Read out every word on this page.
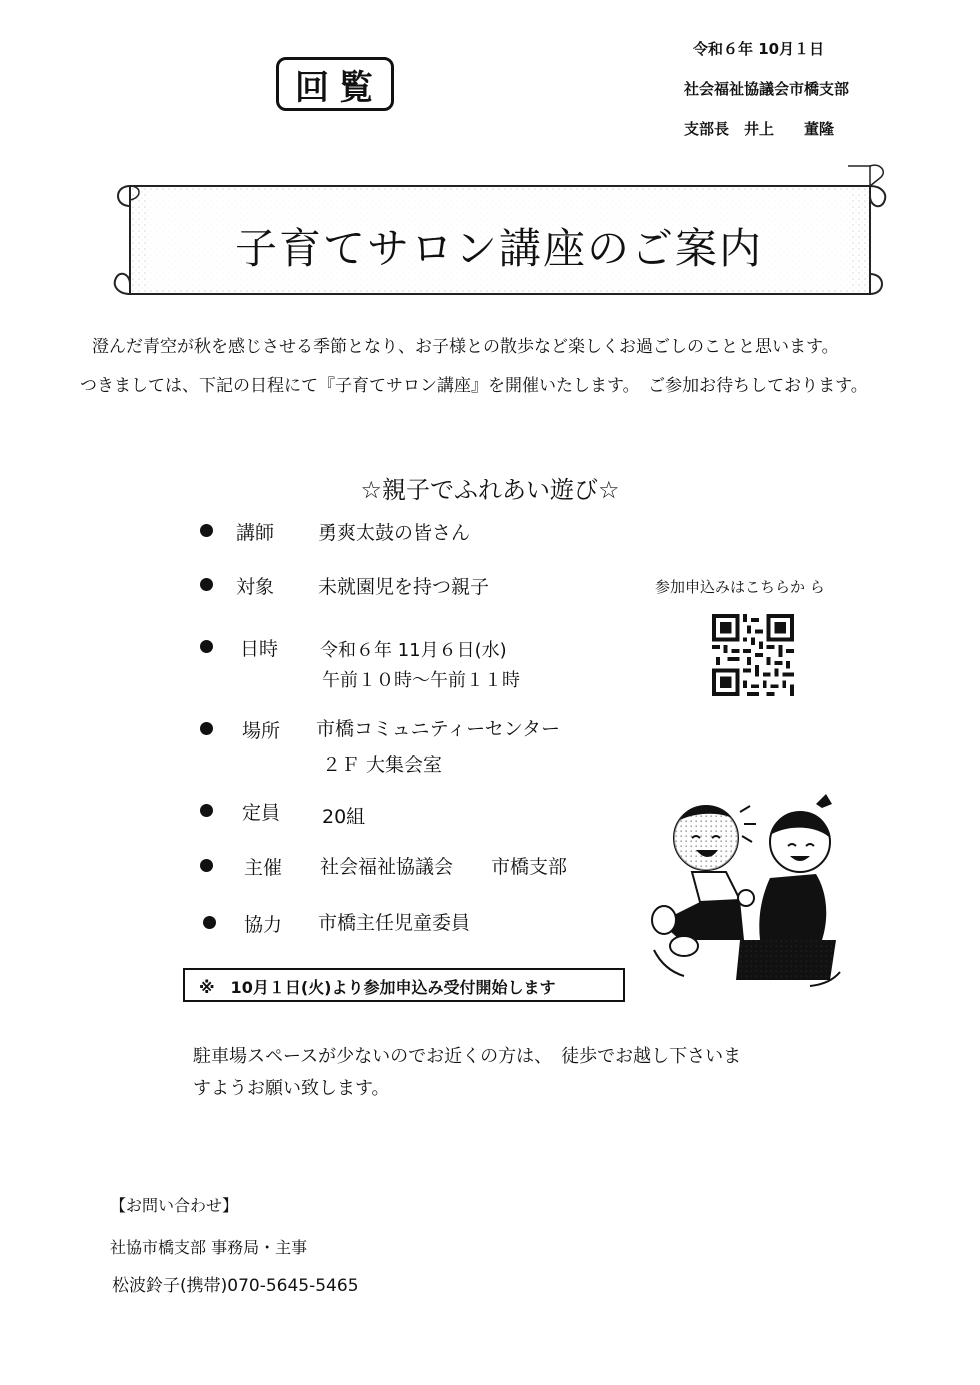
回覧
令和６年 10月１日
社会福祉協議会市橋支部
支部長　井上　　董隆
子育てサロン講座のご案内
澄んだ青空が秋を感じさせる季節となり、お子様との散歩など楽しくお過ごしのことと思います。
つきましては、下記の日程にて『子育てサロン講座』を開催いたします。　ご参加お待ちしております。
☆親子でふれあい遊び☆
講師 勇爽太鼓の皆さん
対象 未就園児を持つ親子
日時 令和６年 11月６日(水)
午前１０時〜午前１１時
場所 市橋コミュニティーセンター
２Ｆ 大集会室
定員 20組
主催 社会福祉協議会　　市橋支部
協力 市橋主任児童委員
参加申込みはこちらか ら
※　10月１日(火)より参加申込み受付開始します
駐車場スペースが少ないのでお近くの方は、　徒歩でお越し下さいま
すようお願い致します。
【お問い合わせ】
社協市橋支部 事務局・主事
松波鈴子(携帯)070-5645-5465
